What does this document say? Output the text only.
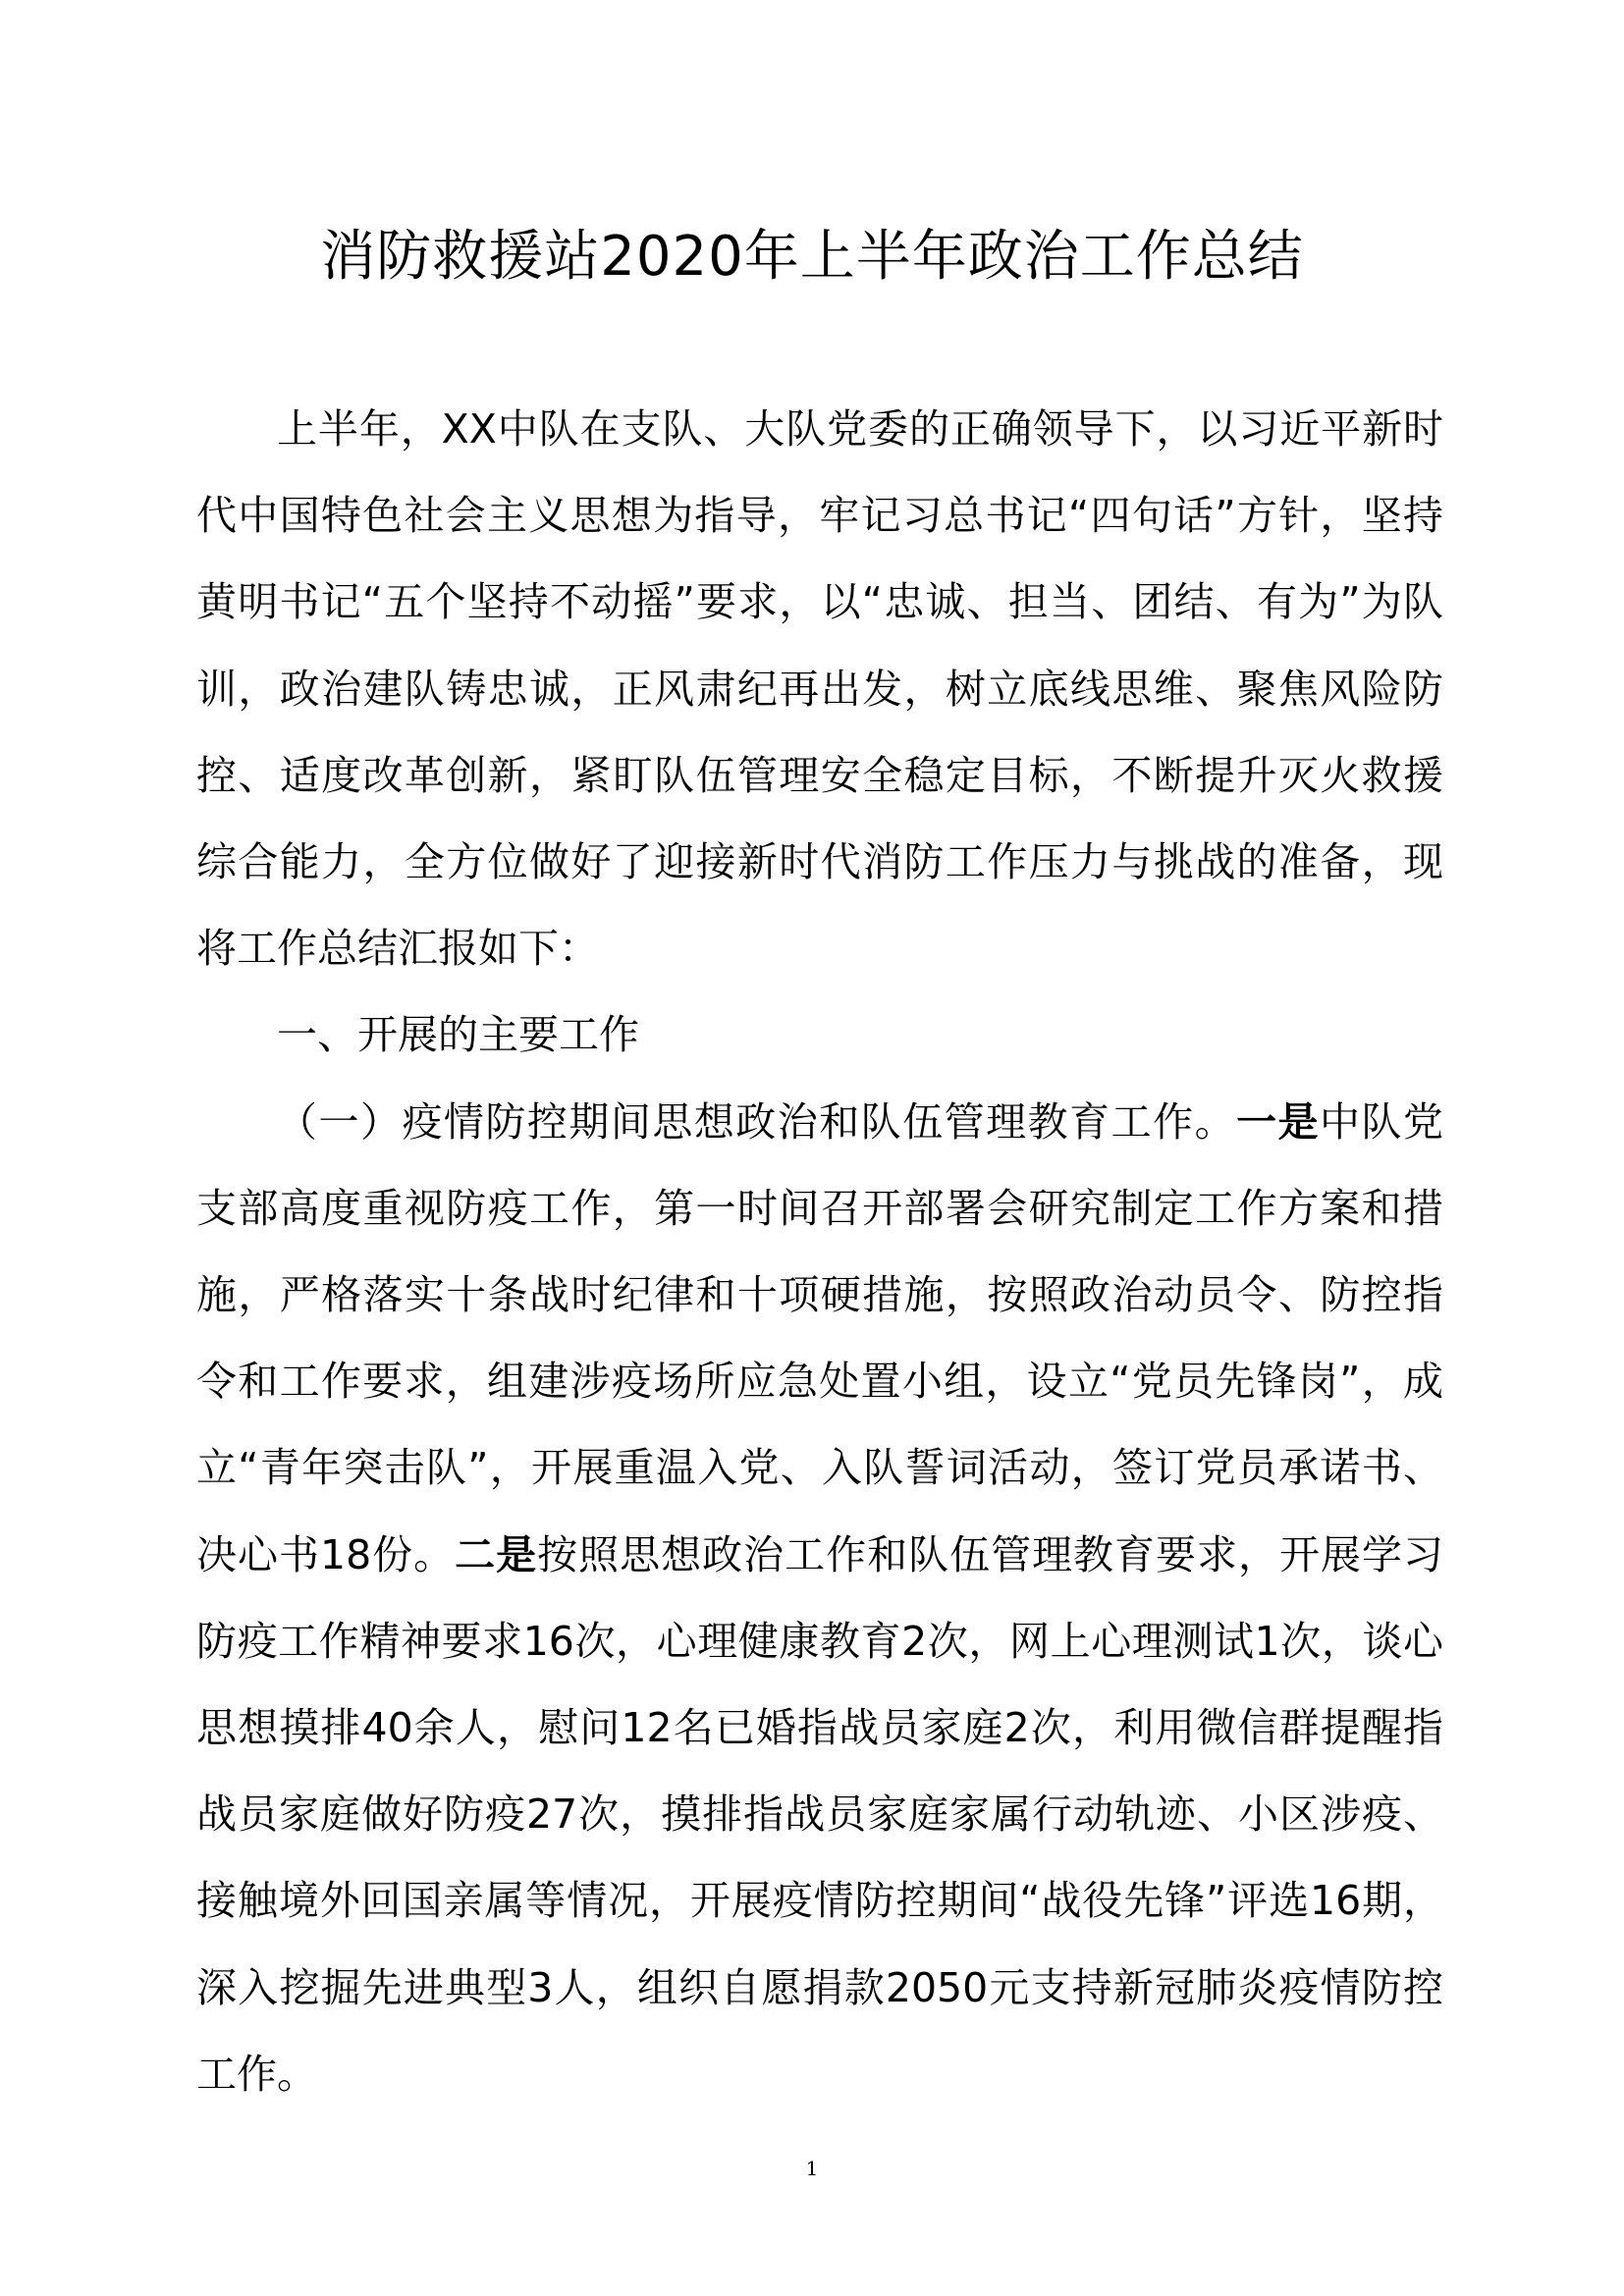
消防救援站2020年上半年政治工作总结

上半年，XX中队在支队、大队党委的正确领导下，以习近平新时代中国特色社会主义思想为指导，牢记习总书记“四句话”方针，坚持黄明书记“五个坚持不动摇”要求，以“忠诚、担当、团结、有为”为队训，政治建队铸忠诚，正风肃纪再出发，树立底线思维、聚焦风险防控、适度改革创新，紧盯队伍管理安全稳定目标，不断提升灭火救援综合能力，全方位做好了迎接新时代消防工作压力与挑战的准备，现将工作总结汇报如下：

一、开展的主要工作

（一）疫情防控期间思想政治和队伍管理教育工作。一是中队党支部高度重视防疫工作，第一时间召开部署会研究制定工作方案和措施，严格落实十条战时纪律和十项硬措施，按照政治动员令、防控指令和工作要求，组建涉疫场所应急处置小组，设立“党员先锋岗”，成立“青年突击队”，开展重温入党、入队誓词活动，签订党员承诺书、决心书18份。二是按照思想政治工作和队伍管理教育要求，开展学习防疫工作精神要求16次，心理健康教育2次，网上心理测试1次，谈心思想摸排40余人，慰问12名已婚指战员家庭2次，利用微信群提醒指战员家庭做好防疫27次，摸排指战员家庭家属行动轨迹、小区涉疫、接触境外回国亲属等情况，开展疫情防控期间“战役先锋”评选16期，深入挖掘先进典型3人，组织自愿捐款2050元支持新冠肺炎疫情防控工作。

1
